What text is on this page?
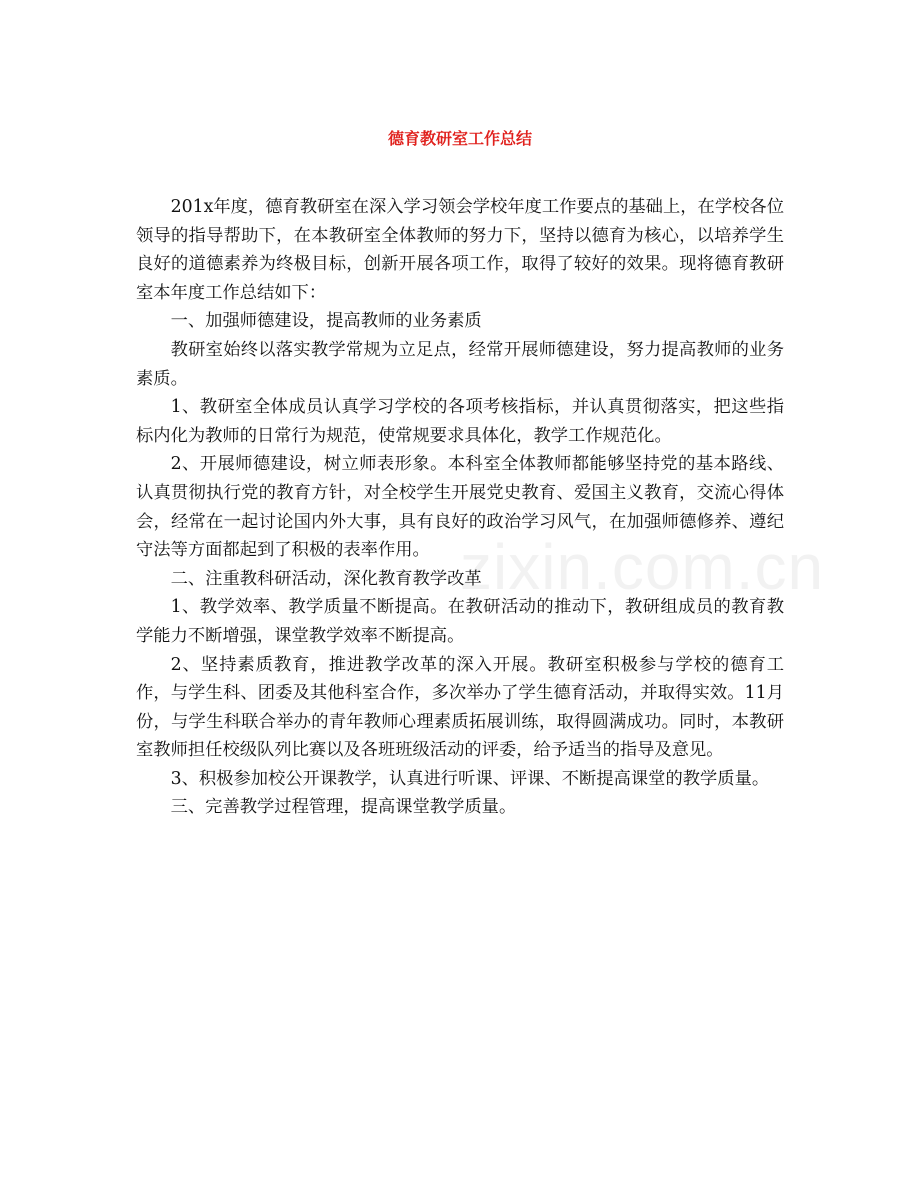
zixin.com.cn
德育教研室工作总结

201x年度，德育教研室在深入学习领会学校年度工作要点的基础上，在学校各位领导的指导帮助下，在本教研室全体教师的努力下，坚持以德育为核心，以培养学生良好的道德素养为终极目标，创新开展各项工作，取得了较好的效果。现将德育教研室本年度工作总结如下：

一、加强师德建设，提高教师的业务素质

教研室始终以落实教学常规为立足点，经常开展师德建设，努力提高教师的业务素质。

1、教研室全体成员认真学习学校的各项考核指标，并认真贯彻落实，把这些指标内化为教师的日常行为规范，使常规要求具体化，教学工作规范化。

2、开展师德建设，树立师表形象。本科室全体教师都能够坚持党的基本路线、认真贯彻执行党的教育方针，对全校学生开展党史教育、爱国主义教育，交流心得体会，经常在一起讨论国内外大事，具有良好的政治学习风气，在加强师德修养、遵纪守法等方面都起到了积极的表率作用。

二、注重教科研活动，深化教育教学改革

1、教学效率、教学质量不断提高。在教研活动的推动下，教研组成员的教育教学能力不断增强，课堂教学效率不断提高。

2、坚持素质教育，推进教学改革的深入开展。教研室积极参与学校的德育工作，与学生科、团委及其他科室合作，多次举办了学生德育活动，并取得实效。11月份，与学生科联合举办的青年教师心理素质拓展训练，取得圆满成功。同时，本教研室教师担任校级队列比赛以及各班班级活动的评委，给予适当的指导及意见。

3、积极参加校公开课教学，认真进行听课、评课、不断提高课堂的教学质量。

三、完善教学过程管理，提高课堂教学质量。
